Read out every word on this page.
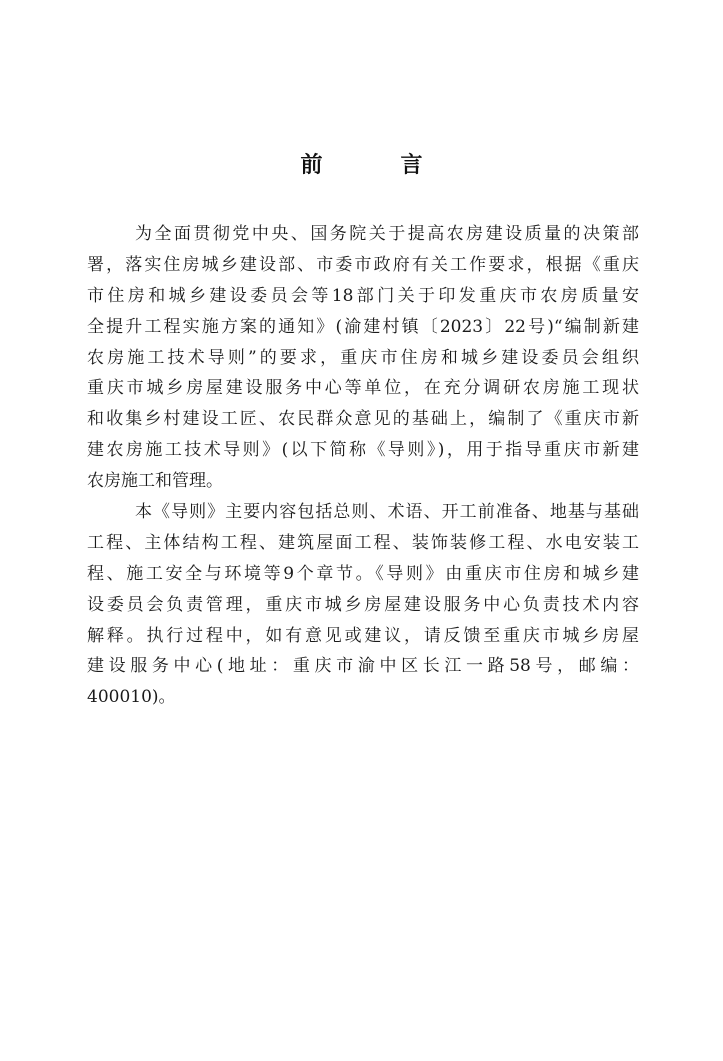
前　言
为全面贯彻党中央、国务院关于提高农房建设质量的决策部
署，落实住房城乡建设部、市委市政府有关工作要求，根据《重庆
市住房和城乡建设委员会等18部门关于印发重庆市农房质量安
全提升工程实施方案的通知》(渝建村镇〔2023〕22号)“编制新建
农房施工技术导则”的要求，重庆市住房和城乡建设委员会组织
重庆市城乡房屋建设服务中心等单位，在充分调研农房施工现状
和收集乡村建设工匠、农民群众意见的基础上，编制了《重庆市新
建农房施工技术导则》(以下简称《导则》)，用于指导重庆市新建
农房施工和管理。
本《导则》主要内容包括总则、术语、开工前准备、地基与基础
工程、主体结构工程、建筑屋面工程、装饰装修工程、水电安装工
程、施工安全与环境等9个章节。《导则》由重庆市住房和城乡建
设委员会负责管理，重庆市城乡房屋建设服务中心负责技术内容
解释。执行过程中，如有意见或建议，请反馈至重庆市城乡房屋
建设服务中心(地址：重庆市渝中区长江一路58号，邮编：
400010)。
